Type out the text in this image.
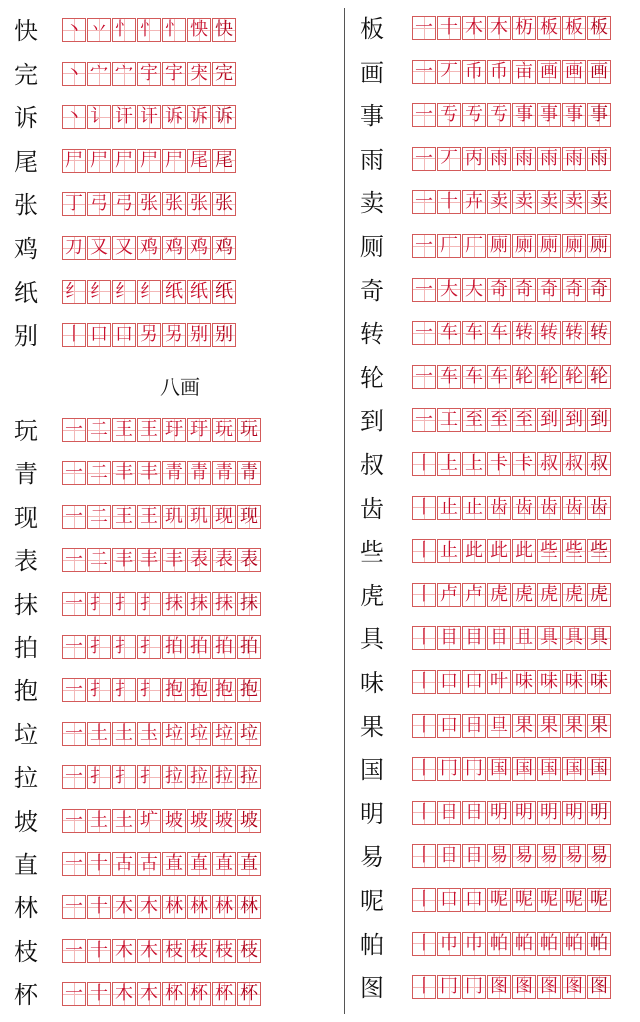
快	丶 丷 忄 忄 忄 怏 快
完	丶 宀 宀 宇 宇 宊 完
诉	丶 讠 讦 讦 诉 诉 诉
尾	尸 尸 尸 尸 尸 尾 尾
张	丁 弓 弓 张 张 张 张
鸡	刀 又 又 鸡 鸡 鸡 鸡
纸	纟 纟 纟 纟 纸 纸 纸
别	丨 口 口 另 另 别 别
玩	一 二 王 王 玗 玗 玩 玩
青	一 二 丰 丰 青 青 青 青
现	一 二 王 王 玑 玑 现 现
表	一 二 丰 丰 丰 表 表 表
抹	一 扌 扌 扌 抹 抹 抹 抹
拍	一 扌 扌 扌 拍 拍 拍 拍
抱	一 扌 扌 扌 抱 抱 抱 抱
垃	一 土 土 圡 垃 垃 垃 垃
拉	一 扌 扌 扌 拉 拉 拉 拉
坡	一 土 土 圹 坡 坡 坡 坡
直	一 十 古 古 直 直 直 直
林	一 十 木 木 林 林 林 林
枝	一 十 木 木 枝 枝 枝 枝
杯	一 十 木 木 杯 杯 杯 杯
板	一 十 木 木 杤 板 板 板
画	一 丆 币 币 亩 画 画 画
事	一 亐 亐 亐 事 事 事 事
雨	一 丆 丙 雨 雨 雨 雨 雨
卖	一 十 卉 卖 卖 卖 卖 卖
厕	一 厂 厂 厕 厕 厕 厕 厕
奇	一 大 大 奇 奇 奇 奇 奇
转	一 车 车 车 转 转 转 转
轮	一 车 车 车 轮 轮 轮 轮
到	一 工 至 至 至 到 到 到
叔	丨 上 上 卡 卡 叔 叔 叔
齿	丨 止 止 齿 齿 齿 齿 齿
些	丨 止 此 此 此 些 些 些
虎	丨 卢 卢 虎 虎 虎 虎 虎
具	丨 目 目 目 且 具 具 具
味	丨 口 口 叶 味 味 味 味
果	丨 口 日 旦 果 果 果 果
国	丨 冂 冂 国 国 国 国 国
明	丨 日 日 明 明 明 明 明
易	丨 日 日 易 易 易 易 易
呢	丨 口 口 呢 呢 呢 呢 呢
帕	丨 巾 巾 帕 帕 帕 帕 帕
图	丨 冂 冂 图 图 图 图 图
八画
